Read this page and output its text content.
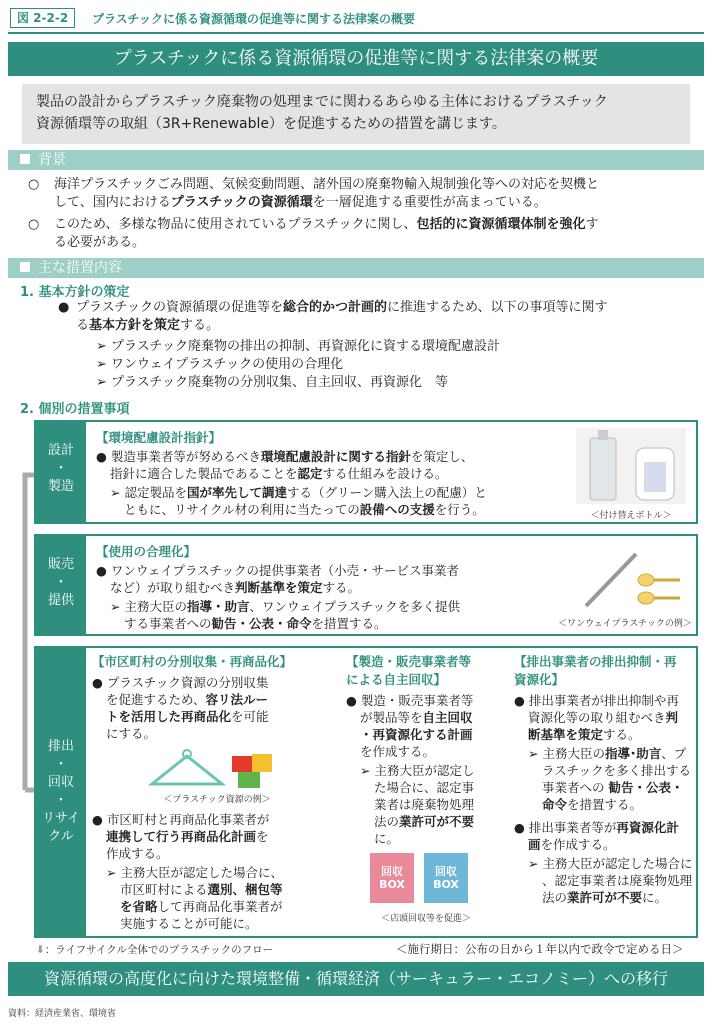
図 2-2-2	プラスチックに係る資源循環の促進等に関する法律案の概要
プラスチックに係る資源循環の促進等に関する法律案の概要
製品の設計からプラスチック廃棄物の処理までに関わるあらゆる主体におけるプラスチック
資源循環等の取組（3R+Renewable）を促進するための措置を講じます。
背景
○ 海洋プラスチックごみ問題、気候変動問題、諸外国の廃棄物輸入規制強化等への対応を契機と
して、国内におけるプラスチックの資源循環を一層促進する重要性が高まっている。
○ このため、多様な物品に使用されているプラスチックに関し、包括的に資源循環体制を強化す
る必要がある。
主な措置内容
1. 基本方針の策定
● プラスチックの資源循環の促進等を総合的かつ計画的に推進するため、以下の事項等に関す
る基本方針を策定する。
➢ プラスチック廃棄物の排出の抑制、再資源化に資する環境配慮設計
➢ ワンウェイプラスチックの使用の合理化
➢ プラスチック廃棄物の分別収集、自主回収、再資源化　等
2. 個別の措置事項
設計
・
製造
【環境配慮設計指針】
● 製造事業者等が努めるべき環境配慮設計に関する指針を策定し、
指針に適合した製品であることを認定する仕組みを設ける。
➢ 認定製品を国が率先して調達する（グリーン購入法上の配慮）と
ともに、リサイクル材の利用に当たっての設備への支援を行う。	＜付け替えボトル＞
販売
・
提供
【使用の合理化】
● ワンウェイプラスチックの提供事業者（小売・サービス事業者
など）が取り組むべき判断基準を策定する。
➢ 主務大臣の指導・助言、ワンウェイプラスチックを多く提供
する事業者への勧告・公表・命令を措置する。	＜ワンウェイプラスチックの例＞
排出
・
回収
・
リサイ
クル
【市区町村の分別収集・再商品化】
● プラスチック資源の分別収集
を促進するため、容リ法ルー
トを活用した再商品化を可能
にする。
＜プラスチック資源の例＞
● 市区町村と再商品化事業者が
連携して行う再商品化計画を
作成する。
➢ 主務大臣が認定した場合に、
市区町村による選別、梱包等
を省略して再商品化事業者が
実施することが可能に。
【製造・販売事業者等
による自主回収】
● 製造・販売事業者等
が製品等を自主回収
・再資源化する計画
を作成する。
➢ 主務大臣が認定し
た場合に、認定事
業者は廃棄物処理
法の業許可が不要
に。
回収
BOX
回収
BOX
＜店頭回収等を促進＞
【排出事業者の排出抑制・再
資源化】
● 排出事業者が排出抑制や再
資源化等の取り組むべき判
断基準を策定する。
➢ 主務大臣の指導･助言、プ
ラスチックを多く排出する
事業者への 勧告・公表・
命令を措置する。
● 排出事業者等が再資源化計
画を作成する。
➢ 主務大臣が認定した場合に
、認定事業者は廃棄物処理
法の業許可が不要に。
⬇：ライフサイクル全体でのプラスチックのフロー	＜施行期日：公布の日から１年以内で政令で定める日＞
資源循環の高度化に向けた環境整備・循環経済（サーキュラー・エコノミー）への移行
資料：経済産業省、環境省
